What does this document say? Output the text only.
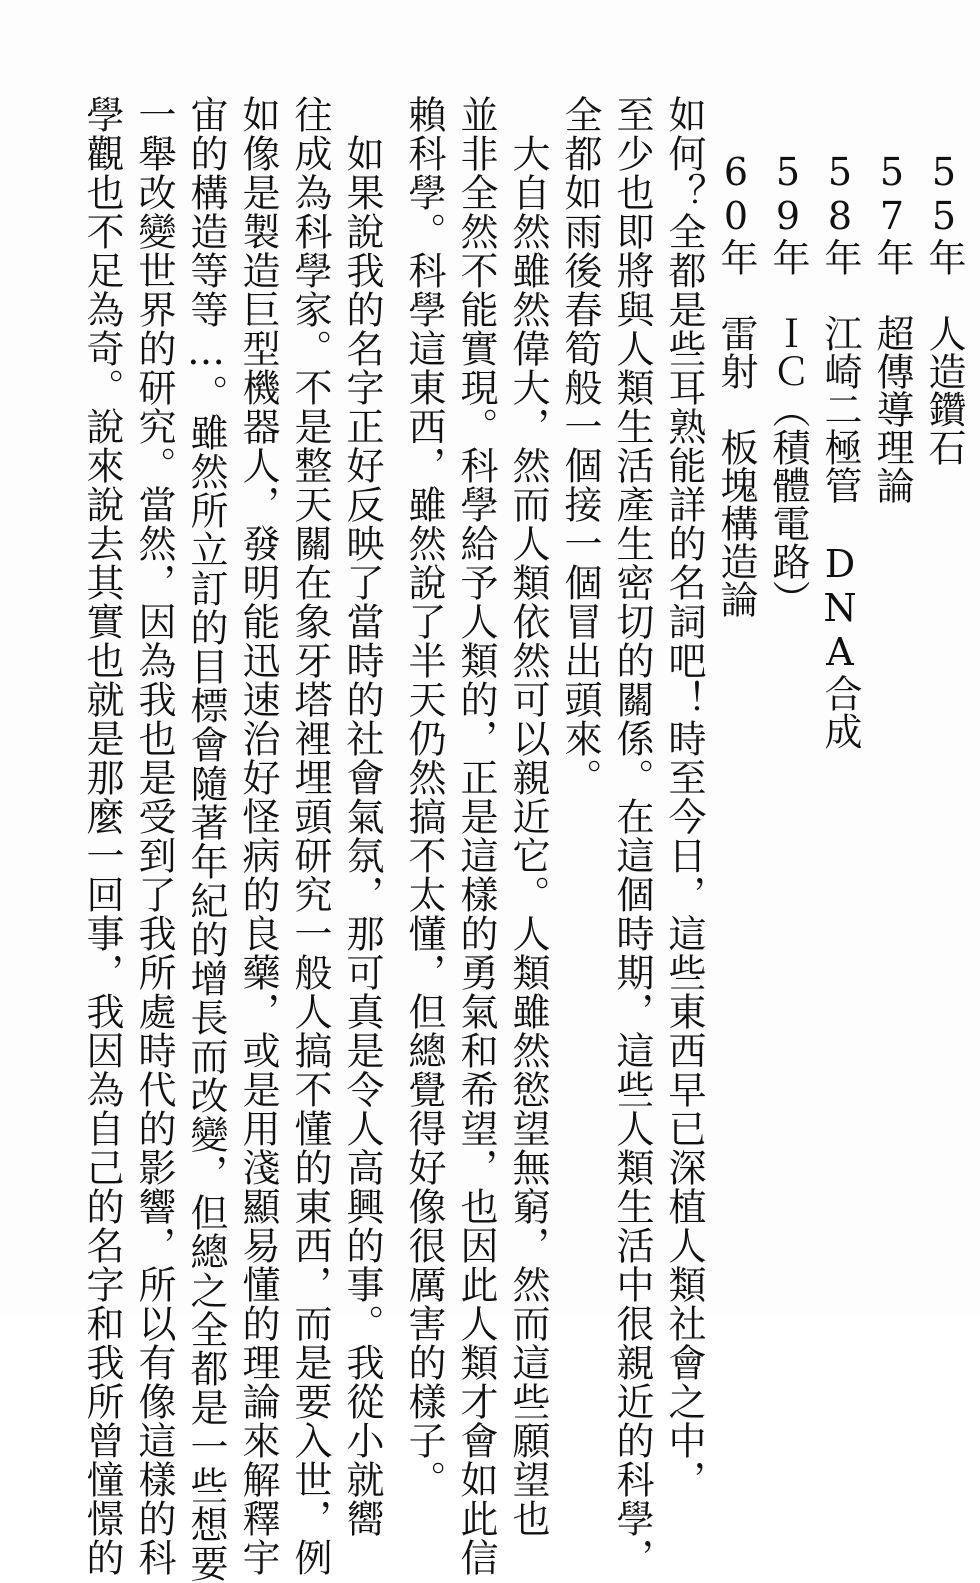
55年　人造鑽石
57年　超傳導理論
58年　江崎二極管　DNA合成
59年　ＩＣ（積體電路）
60年　雷射　板塊構造論
如何？全都是些耳熟能詳的名詞吧！時至今日，這些東西早已深植人類社會之中，
至少也即將與人類生活產生密切的關係。在這個時期，這些人類生活中很親近的科學，
全都如雨後春筍般一個接一個冒出頭來。
　大自然雖然偉大，然而人類依然可以親近它。人類雖然慾望無窮，然而這些願望也
並非全然不能實現。科學給予人類的，正是這樣的勇氣和希望，也因此人類才會如此信
賴科學。科學這東西，雖然說了半天仍然搞不太懂，但總覺得好像很厲害的樣子。
　如果說我的名字正好反映了當時的社會氣氛，那可真是令人高興的事。我從小就嚮
往成為科學家。不是整天關在象牙塔裡埋頭研究一般人搞不懂的東西，而是要入世，例
如像是製造巨型機器人，發明能迅速治好怪病的良藥，或是用淺顯易懂的理論來解釋宇
宙的構造等等…。雖然所立訂的目標會隨著年紀的增長而改變，但總之全都是一些想要
一舉改變世界的研究。當然，因為我也是受到了我所處時代的影響，所以有像這樣的科
學觀也不足為奇。說來說去其實也就是那麼一回事，我因為自己的名字和我所曾憧憬的
